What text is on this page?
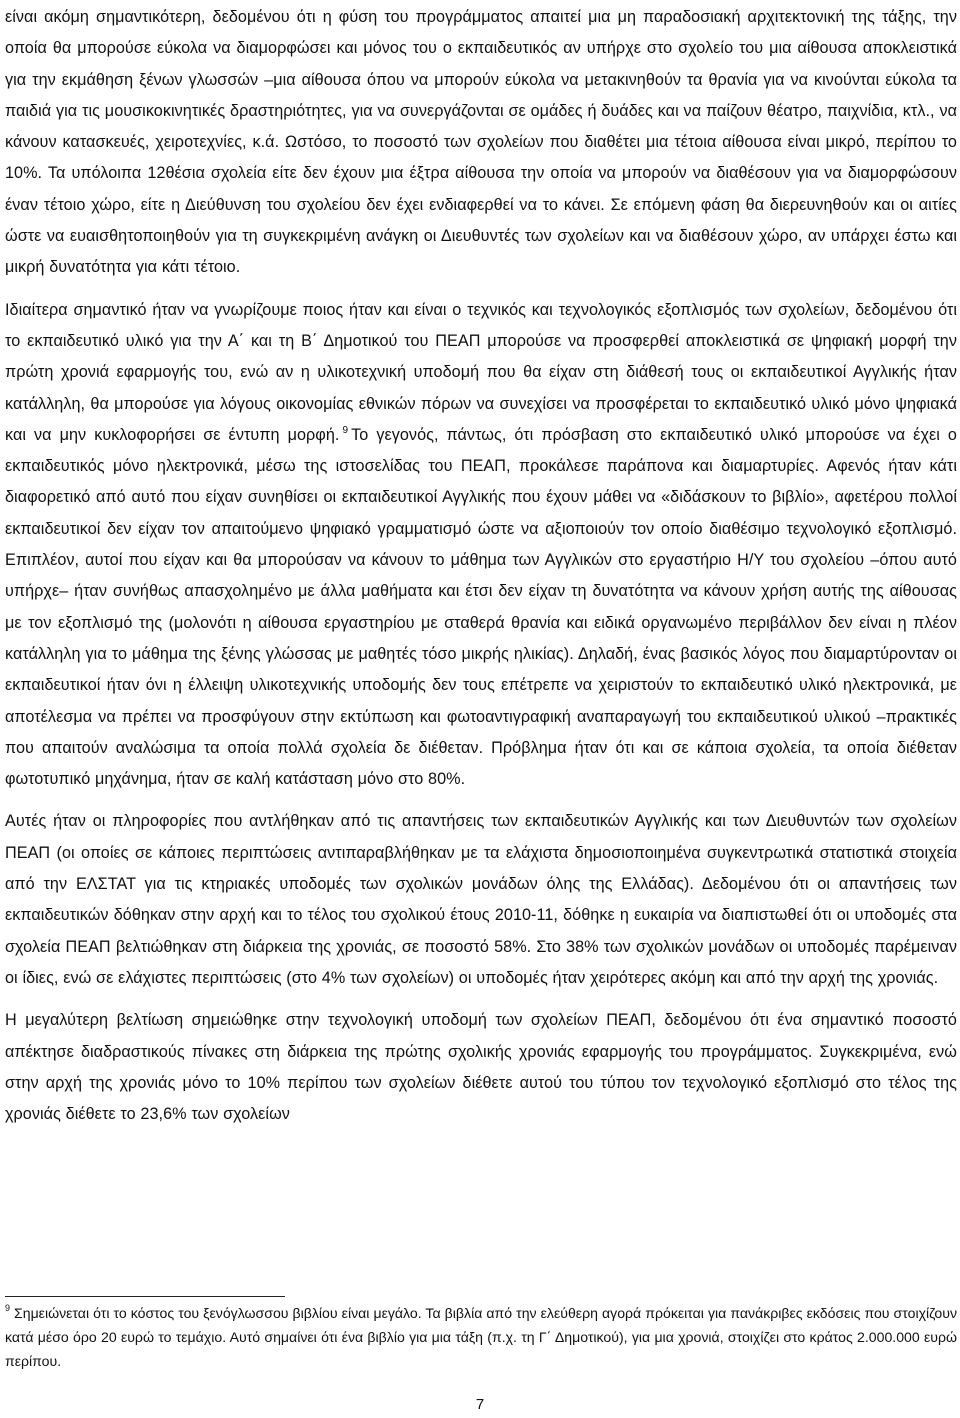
είναι ακόμη σημαντικότερη, δεδομένου ότι η φύση του προγράμματος απαιτεί μια μη παραδοσιακή αρχιτεκτονική της τάξης, την οποία θα μπορούσε εύκολα να διαμορφώσει και μόνος του ο εκπαιδευτικός αν υπήρχε στο σχολείο του μια αίθουσα αποκλειστικά για την εκμάθηση ξένων γλωσσών –μια αίθουσα όπου να μπορούν εύκολα να μετακινηθούν τα θρανία για να κινούνται εύκολα τα παιδιά για τις μουσικοκινητικές δραστηριότητες, για να συνεργάζονται σε ομάδες ή δυάδες και να παίζουν θέατρο, παιχνίδια, κτλ., να κάνουν κατασκευές, χειροτεχνίες, κ.ά. Ωστόσο, το ποσοστό των σχολείων που διαθέτει μια τέτοια αίθουσα είναι μικρό, περίπου το 10%. Τα υπόλοιπα 12θέσια σχολεία είτε δεν έχουν μια έξτρα αίθουσα την οποία να μπορούν να διαθέσουν για να διαμορφώσουν έναν τέτοιο χώρο, είτε η Διεύθυνση του σχολείου δεν έχει ενδιαφερθεί να το κάνει. Σε επόμενη φάση θα διερευνηθούν και οι αιτίες ώστε να ευαισθητοποιηθούν για τη συγκεκριμένη ανάγκη οι Διευθυντές των σχολείων και να διαθέσουν χώρο, αν υπάρχει έστω και μικρή δυνατότητα για κάτι τέτοιο.

Ιδιαίτερα σημαντικό ήταν να γνωρίζουμε ποιος ήταν και είναι ο τεχνικός και τεχνολογικός εξοπλισμός των σχολείων, δεδομένου ότι το εκπαιδευτικό υλικό για την Α΄ και τη Β΄ Δημοτικού του ΠΕΑΠ μπορούσε να προσφερθεί αποκλειστικά σε ψηφιακή μορφή την πρώτη χρονιά εφαρμογής του, ενώ αν η υλικοτεχνική υποδομή που θα είχαν στη διάθεσή τους οι εκπαιδευτικοί Αγγλικής ήταν κατάλληλη, θα μπορούσε για λόγους οικονομίας εθνικών πόρων να συνεχίσει να προσφέρεται το εκπαιδευτικό υλικό μόνο ψηφιακά και να μην κυκλοφορήσει σε έντυπη μορφή. $^9$ Το γεγονός, πάντως, ότι πρόσβαση στο εκπαιδευτικό υλικό μπορούσε να έχει ο εκπαιδευτικός μόνο ηλεκτρονικά, μέσω της ιστοσελίδας του ΠΕΑΠ, προκάλεσε παράπονα και διαμαρτυρίες. Αφενός ήταν κάτι διαφορετικό από αυτό που είχαν συνηθίσει οι εκπαιδευτικοί Αγγλικής που έχουν μάθει να «διδάσκουν το βιβλίο», αφετέρου πολλοί εκπαιδευτικοί δεν είχαν τον απαιτούμενο ψηφιακό γραμματισμό ώστε να αξιοποιούν τον οποίο διαθέσιμο τεχνολογικό εξοπλισμό. Επιπλέον, αυτοί που είχαν και θα μπορούσαν να κάνουν το μάθημα των Αγγλικών στο εργαστήριο Η/Υ του σχολείου –όπου αυτό υπήρχε– ήταν συνήθως απασχολημένο με άλλα μαθήματα και έτσι δεν είχαν τη δυνατότητα να κάνουν χρήση αυτής της αίθουσας με τον εξοπλισμό της (μολονότι η αίθουσα εργαστηρίου με σταθερά θρανία και ειδικά οργανωμένο περιβάλλον δεν είναι η πλέον κατάλληλη για το μάθημα της ξένης γλώσσας με μαθητές τόσο μικρής ηλικίας). Δηλαδή, ένας βασικός λόγος που διαμαρτύρονταν οι εκπαιδευτικοί ήταν όνι η έλλειψη υλικοτεχνικής υποδομής δεν τους επέτρεπε να χειριστούν το εκπαιδευτικό υλικό ηλεκτρονικά, με αποτέλεσμα να πρέπει να προσφύγουν στην εκτύπωση και φωτοαντιγραφική αναπαραγωγή του εκπαιδευτικού υλικού –πρακτικές που απαιτούν αναλώσιμα τα οποία πολλά σχολεία δε διέθεταν. Πρόβλημα ήταν ότι και σε κάποια σχολεία, τα οποία διέθεταν φωτοτυπικό μηχάνημα, ήταν σε καλή κατάσταση μόνο στο 80%.

Αυτές ήταν οι πληροφορίες που αντλήθηκαν από τις απαντήσεις των εκπαιδευτικών Αγγλικής και των Διευθυντών των σχολείων ΠΕΑΠ (οι οποίες σε κάποιες περιπτώσεις αντιπαραβλήθηκαν με τα ελάχιστα δημοσιοποιημένα συγκεντρωτικά στατιστικά στοιχεία από την ΕΛΣΤΑΤ για τις κτηριακές υποδομές των σχολικών μονάδων όλης της Ελλάδας). Δεδομένου ότι οι απαντήσεις των εκπαιδευτικών δόθηκαν στην αρχή και το τέλος του σχολικού έτους 2010-11, δόθηκε η ευκαιρία να διαπιστωθεί ότι οι υποδομές στα σχολεία ΠΕΑΠ βελτιώθηκαν στη διάρκεια της χρονιάς, σε ποσοστό 58%. Στο 38% των σχολικών μονάδων οι υποδομές παρέμειναν οι ίδιες, ενώ σε ελάχιστες περιπτώσεις (στο 4% των σχολείων) οι υποδομές ήταν χειρότερες ακόμη και από την αρχή της χρονιάς.

Η μεγαλύτερη βελτίωση σημειώθηκε στην τεχνολογική υποδομή των σχολείων ΠΕΑΠ, δεδομένου ότι ένα σημαντικό ποσοστό απέκτησε διαδραστικούς πίνακες στη διάρκεια της πρώτης σχολικής χρονιάς εφαρμογής του προγράμματος. Συγκεκριμένα, ενώ στην αρχή της χρονιάς μόνο το 10% περίπου των σχολείων διέθετε αυτού του τύπου τον τεχνολογικό εξοπλισμό στο τέλος της χρονιάς διέθετε το 23,6% των σχολείων

$^9$ Σημειώνεται ότι το κόστος του ξενόγλωσσου βιβλίου είναι μεγάλο. Τα βιβλία από την ελεύθερη αγορά πρόκειται για πανάκριβες εκδόσεις που στοιχίζουν κατά μέσο όρο 20 ευρώ το τεμάχιο. Αυτό σημαίνει ότι ένα βιβλίο για μια τάξη (π.χ. τη Γ΄ Δημοτικού), για μια χρονιά, στοιχίζει στο κράτος 2.000.000 ευρώ περίπου.

7
